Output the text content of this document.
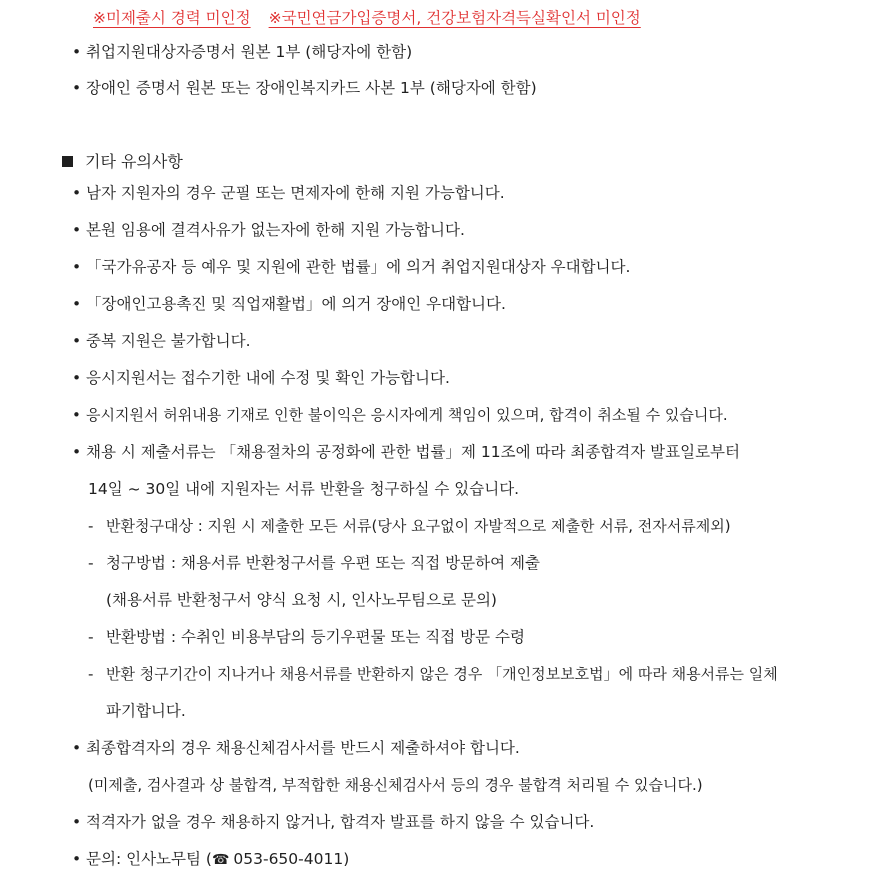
※미제출시 경력 미인정 ※국민연금가입증명서, 건강보험자격득실확인서 미인정
• 취업지원대상자증명서 원본 1부 (해당자에 한함)
• 장애인 증명서 원본 또는 장애인복지카드 사본 1부 (해당자에 한함)
기타 유의사항
• 남자 지원자의 경우 군필 또는 면제자에 한해 지원 가능합니다.
• 본원 임용에 결격사유가 없는자에 한해 지원 가능합니다.
• 「국가유공자 등 예우 및 지원에 관한 법률」에 의거 취업지원대상자 우대합니다.
• 「장애인고용촉진 및 직업재활법」에 의거 장애인 우대합니다.
• 중복 지원은 불가합니다.
• 응시지원서는 접수기한 내에 수정 및 확인 가능합니다.
• 응시지원서 허위내용 기재로 인한 불이익은 응시자에게 책임이 있으며, 합격이 취소될 수 있습니다.
• 채용 시 제출서류는 「채용절차의 공정화에 관한 법률」제 11조에 따라 최종합격자 발표일로부터
14일 ~ 30일 내에 지원자는 서류 반환을 청구하실 수 있습니다.
- 반환청구대상 : 지원 시 제출한 모든 서류(당사 요구없이 자발적으로 제출한 서류, 전자서류제외)
- 청구방법 : 채용서류 반환청구서를 우편 또는 직접 방문하여 제출
(채용서류 반환청구서 양식 요청 시, 인사노무팀으로 문의)
- 반환방법 : 수취인 비용부담의 등기우편물 또는 직접 방문 수령
- 반환 청구기간이 지나거나 채용서류를 반환하지 않은 경우 「개인정보보호법」에 따라 채용서류는 일체
파기합니다.
• 최종합격자의 경우 채용신체검사서를 반드시 제출하셔야 합니다.
(미제출, 검사결과 상 불합격, 부적합한 채용신체검사서 등의 경우 불합격 처리될 수 있습니다.)
• 적격자가 없을 경우 채용하지 않거나, 합격자 발표를 하지 않을 수 있습니다.
• 문의: 인사노무팀 (☎ 053-650-4011)
